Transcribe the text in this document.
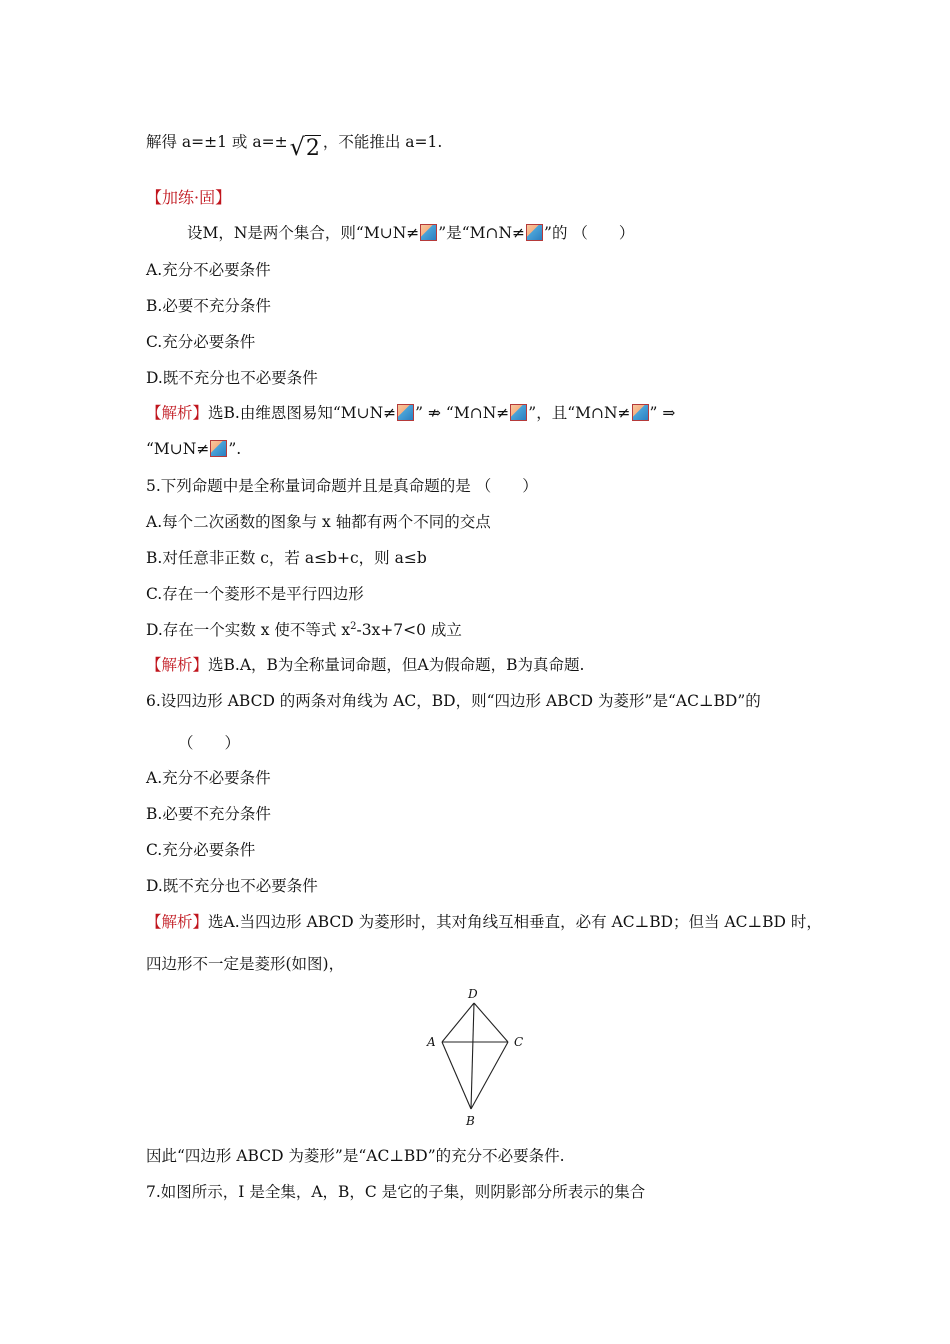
解得 a=±1 或 a=±√2 ，不能推出 a=1.
【加练·固】
设M，N是两个集合，则“M∪N≠ ”是“M∩N≠ ”的 （　　）
A.充分不必要条件
B.必要不充分条件
C.充分必要条件
D.既不充分也不必要条件
【解析】选B.由维恩图易知“M∪N≠ ” ⇏ “M∩N≠ ”，且“M∩N≠ ” ⇒
“M∪N≠ ”.
5.下列命题中是全称量词命题并且是真命题的是 （　　）
A.每个二次函数的图象与 x 轴都有两个不同的交点
B.对任意非正数 c，若 a≤b+c，则 a≤b
C.存在一个菱形不是平行四边形
D.存在一个实数 x 使不等式 $x^2-3x+7<0$ 成立
【解析】选B.A，B为全称量词命题，但A为假命题，B为真命题.
6.设四边形 ABCD 的两条对角线为 AC，BD，则“四边形 ABCD 为菱形”是“AC⊥BD”的
（　　）
A.充分不必要条件
B.必要不充分条件
C.充分必要条件
D.既不充分也不必要条件
【解析】选A.当四边形 ABCD 为菱形时，其对角线互相垂直，必有 AC⊥BD；但当 AC⊥BD 时，
四边形不一定是菱形(如图)，
D
A	C
B
因此“四边形 ABCD 为菱形”是“AC⊥BD”的充分不必要条件.
7.如图所示，I 是全集，A，B，C 是它的子集，则阴影部分所表示的集合
